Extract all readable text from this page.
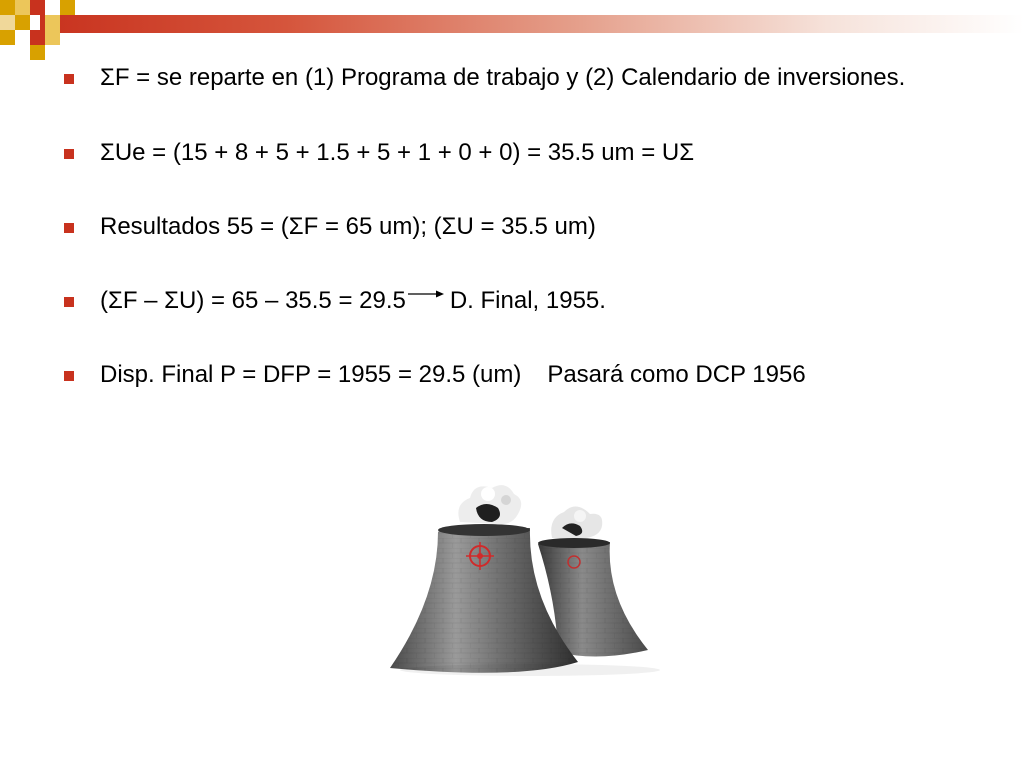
ΣF = se reparte en (1) Programa de trabajo y (2) Calendario de inversiones.
ΣUe = (15 + 8 + 5 + 1.5 + 5 + 1 + 0 + 0) = 35.5 um = UΣ
Resultados 55 = (ΣF = 65 um); (ΣU = 35.5 um)
(ΣF – ΣU) = 65 – 35.5 = 29.5 D. Final, 1955.
Disp. Final P = DFP = 1955 = 29.5 (um) Pasará como DCP 1956
